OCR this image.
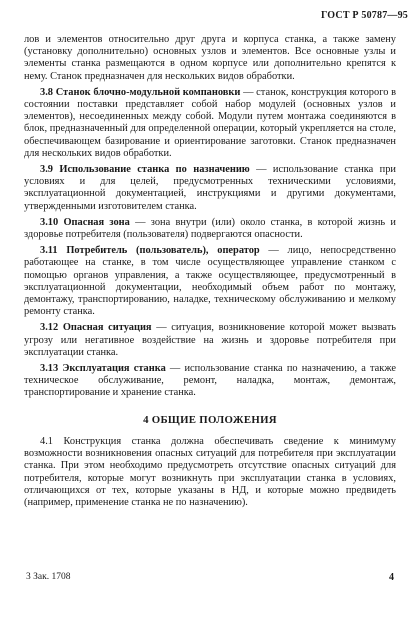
ГОСТ Р 50787—95

лов и элементов относительно друг друга и корпуса станка, а также замену (установку дополнительно) основных узлов и элементов. Все основные узлы и элементы станка размещаются в одном корпусе или дополнительно крепятся к нему. Станок предназначен для нескольких видов обработки.

3.8 Станок блочно-модульной компановки — станок, конструкция которого в состоянии поставки представляет собой набор модулей (основных узлов и элементов), несоединенных между собой. Модули путем монтажа соединяются в блок, предназначенный для определенной операции, который укрепляется на столе, обеспечивающем базирование и ориентирование заготовки. Станок предназначен для нескольких видов обработки.

3.9 Использование станка по назначению — использование станка при условиях и для целей, предусмотренных техническими условиями, эксплуатационной документацией, инструкциями и другими документами, утвержденными изготовителем станка.

3.10 Опасная зона — зона внутри (или) около станка, в которой жизнь и здоровье потребителя (пользователя) подвергаются опасности.

3.11 Потребитель (пользователь), оператор — лицо, непосредственно работающее на станке, в том числе осуществляющее управление станком с помощью органов управления, а также осуществляющее, предусмотренный в эксплуатационной документации, необходимый объем работ по монтажу, демонтажу, транспортированию, наладке, техническому обслуживанию и мелкому ремонту станка.

3.12 Опасная ситуация — ситуация, возникновение которой может вызвать угрозу или негативное воздействие на жизнь и здоровье потребителя при эксплуатации станка.

3.13 Эксплуатация станка — использование станка по назначению, а также техническое обслуживание, ремонт, наладка, монтаж, демонтаж, транспортирование и хранение станка.

4 ОБЩИЕ ПОЛОЖЕНИЯ

4.1 Конструкция станка должна обеспечивать сведение к минимуму возможности возникновения опасных ситуаций для потребителя при эксплуатации станка. При этом необходимо предусмотреть отсутствие опасных ситуаций для потребителя, которые могут возникнуть при эксплуатации станка в условиях, отличающихся от тех, которые указаны в НД, и которые можно предвидеть (например, применение станка не по назначению).

3 Зак. 1708	4
